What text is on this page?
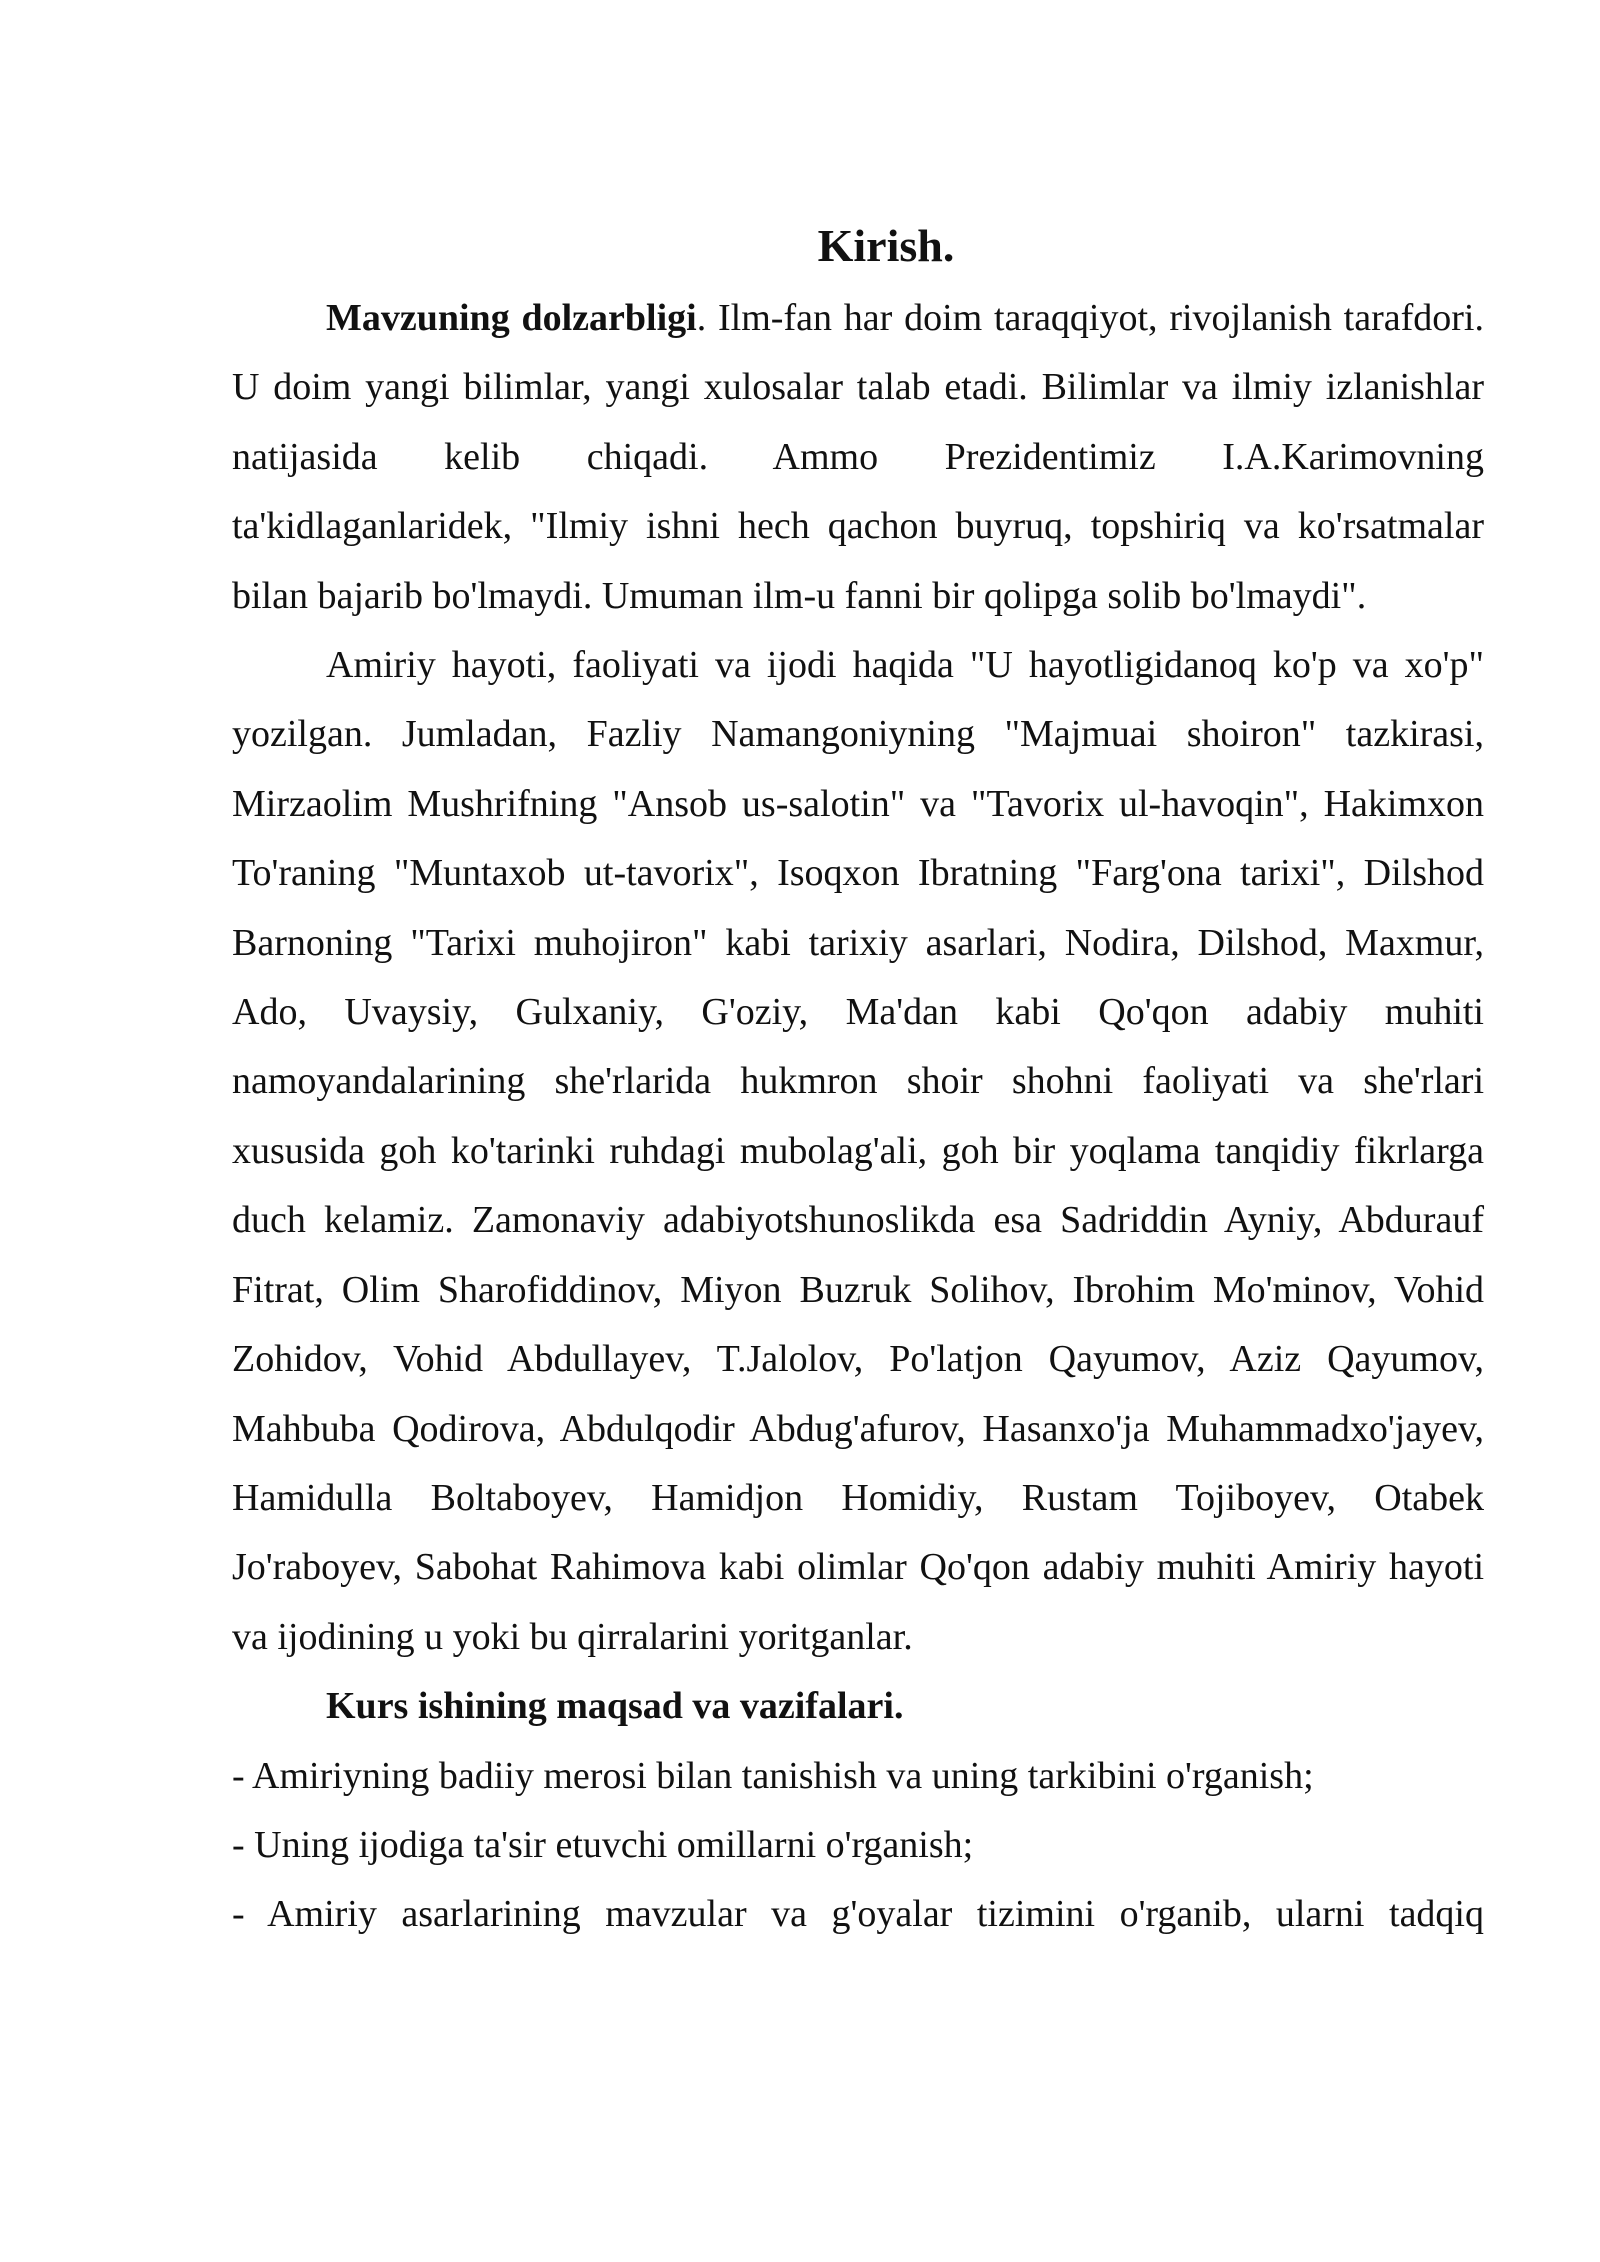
Kirish.

Mavzuning dolzarbligi. Ilm-fan har doim taraqqiyot, rivojlanish tarafdori. U doim yangi bilimlar, yangi xulosalar talab etadi. Bilimlar va ilmiy izlanishlar natijasida kelib chiqadi. Ammo Prezidentimiz I.A.Karimovning ta'kidlaganlaridek, "Ilmiy ishni hech qachon buyruq, topshiriq va ko'rsatmalar bilan bajarib bo'lmaydi. Umuman ilm-u fanni bir qolipga solib bo'lmaydi".

Amiriy hayoti, faoliyati va ijodi haqida "U hayotligidanoq ko'p va xo'p" yozilgan. Jumladan, Fazliy Namangoniyning "Majmuai shoiron" tazkirasi, Mirzaolim Mushrifning "Ansob us-salotin" va "Tavorix ul-havoqin", Hakimxon To'raning "Muntaxob ut-tavorix", Isoqxon Ibratning "Farg'ona tarixi", Dilshod Barnoning "Tarixi muhojiron" kabi tarixiy asarlari, Nodira, Dilshod, Maxmur, Ado, Uvaysiy, Gulxaniy, G'oziy, Ma'dan kabi Qo'qon adabiy muhiti namoyandalarining she'rlarida hukmron shoir shohni faoliyati va she'rlari xususida goh ko'tarinki ruhdagi mubolag'ali, goh bir yoqlama tanqidiy fikrlarga duch kelamiz. Zamonaviy adabiyotshunoslikda esa Sadriddin Ayniy, Abdurauf Fitrat, Olim Sharofiddinov, Miyon Buzruk Solihov, Ibrohim Mo'minov, Vohid Zohidov, Vohid Abdullayev, T.Jalolov, Po'latjon Qayumov, Aziz Qayumov, Mahbuba Qodirova, Abdulqodir Abdug'afurov, Hasanxo'ja Muhammadxo'jayev, Hamidulla Boltaboyev, Hamidjon Homidiy, Rustam Tojiboyev, Otabek Jo'raboyev, Sabohat Rahimova kabi olimlar Qo'qon adabiy muhiti Amiriy hayoti va ijodining u yoki bu qirralarini yoritganlar.

Kurs ishining maqsad va vazifalari.

- Amiriyning badiiy merosi bilan tanishish va uning tarkibini o'rganish;

- Uning ijodiga ta'sir etuvchi omillarni o'rganish;

- Amiriy asarlarining mavzular va g'oyalar tizimini o'rganib, ularni tadqiq
